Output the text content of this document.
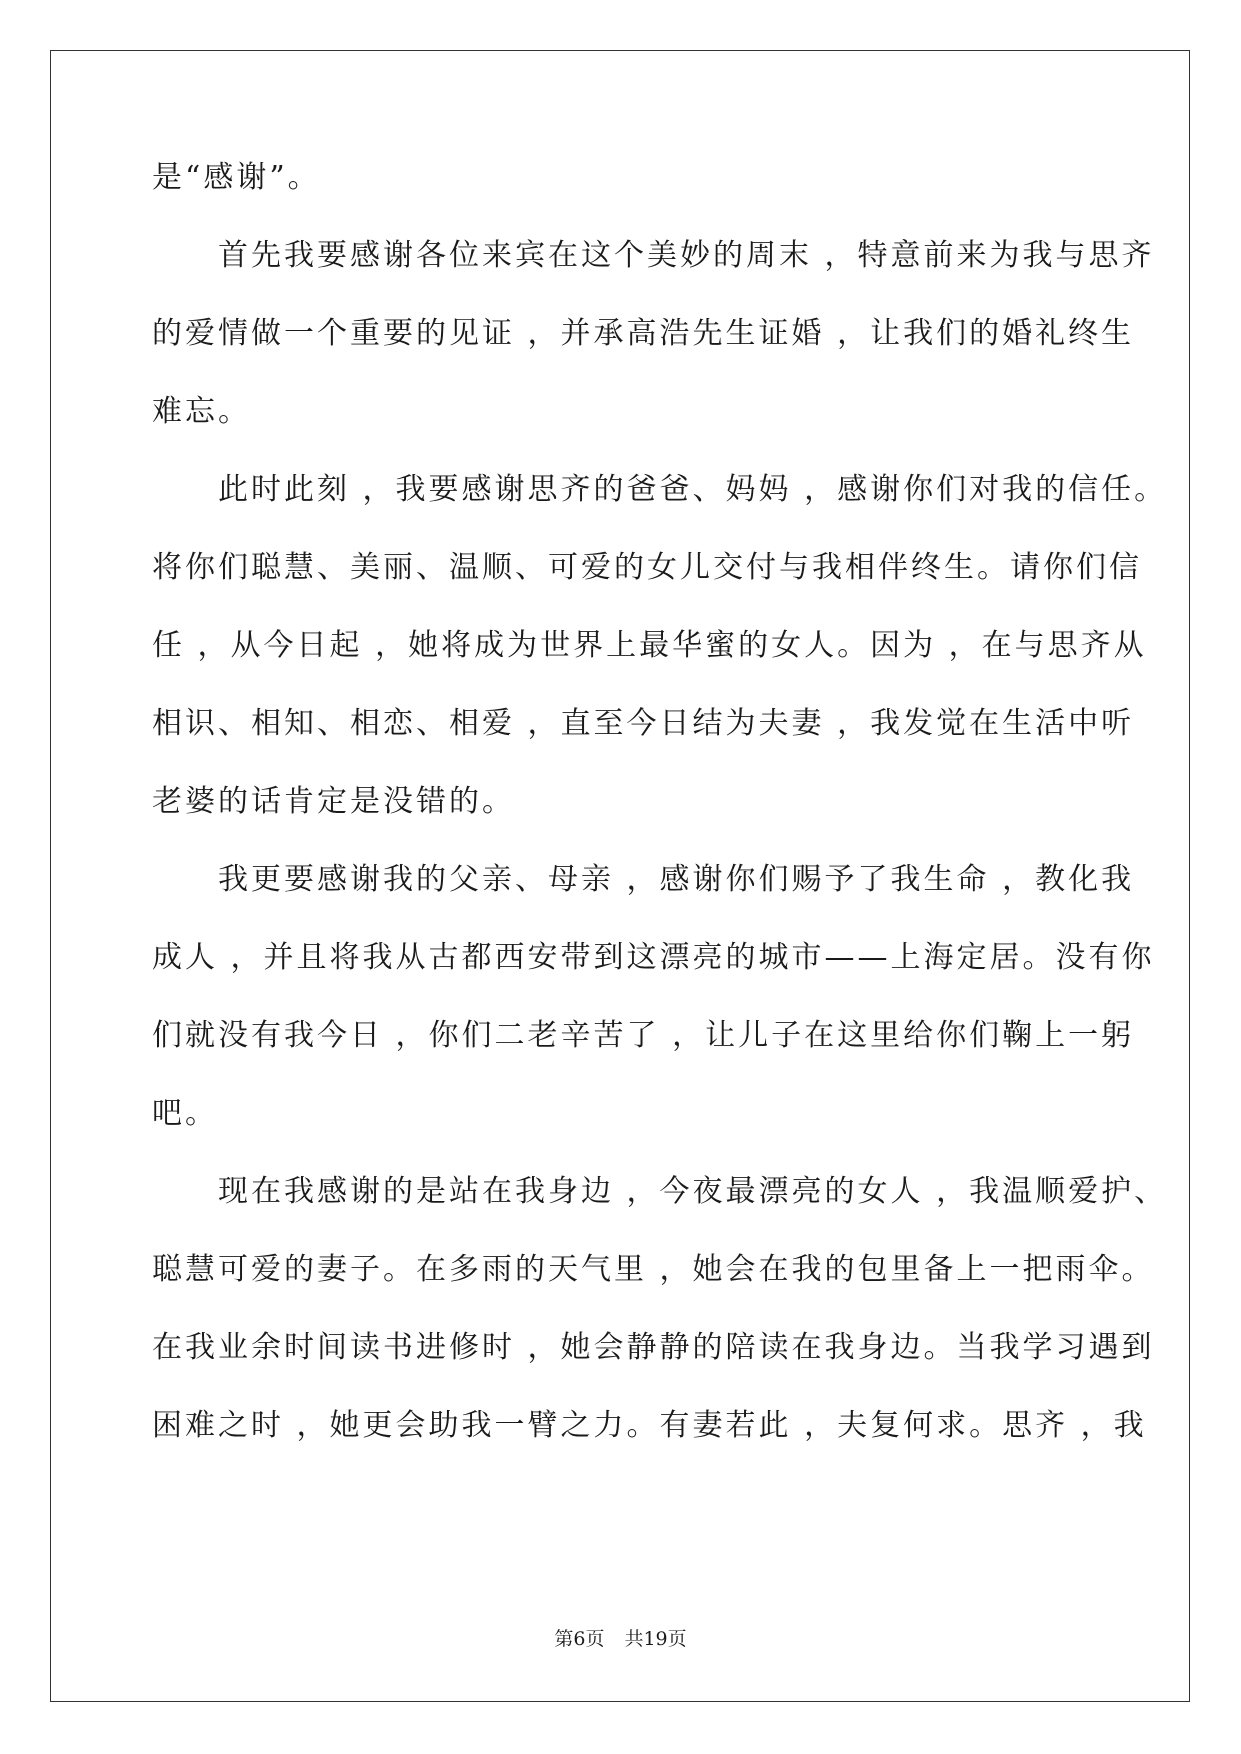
是“感谢”。
　　首先我要感谢各位来宾在这个美妙的周末 ，特意前来为我与思齐
的爱情做一个重要的见证 ，并承高浩先生证婚 ，让我们的婚礼终生
难忘。
　　此时此刻 ，我要感谢思齐的爸爸、妈妈 ，感谢你们对我的信任。
将你们聪慧、美丽、温顺、可爱的女儿交付与我相伴终生。请你们信
任 ，从今日起 ，她将成为世界上最华蜜的女人。因为 ，在与思齐从
相识、相知、相恋、相爱 ，直至今日结为夫妻 ，我发觉在生活中听
老婆的话肯定是没错的。
　　我更要感谢我的父亲、母亲 ，感谢你们赐予了我生命 ，教化我
成人 ，并且将我从古都西安带到这漂亮的城市——上海定居。没有你
们就没有我今日 ，你们二老辛苦了 ，让儿子在这里给你们鞠上一躬
吧。
　　现在我感谢的是站在我身边 ，今夜最漂亮的女人 ，我温顺爱护、
聪慧可爱的妻子。在多雨的天气里 ，她会在我的包里备上一把雨伞。
在我业余时间读书进修时 ，她会静静的陪读在我身边。当我学习遇到
困难之时 ，她更会助我一臂之力。有妻若此 ，夫复何求。思齐 ，我
第6页 共19页
